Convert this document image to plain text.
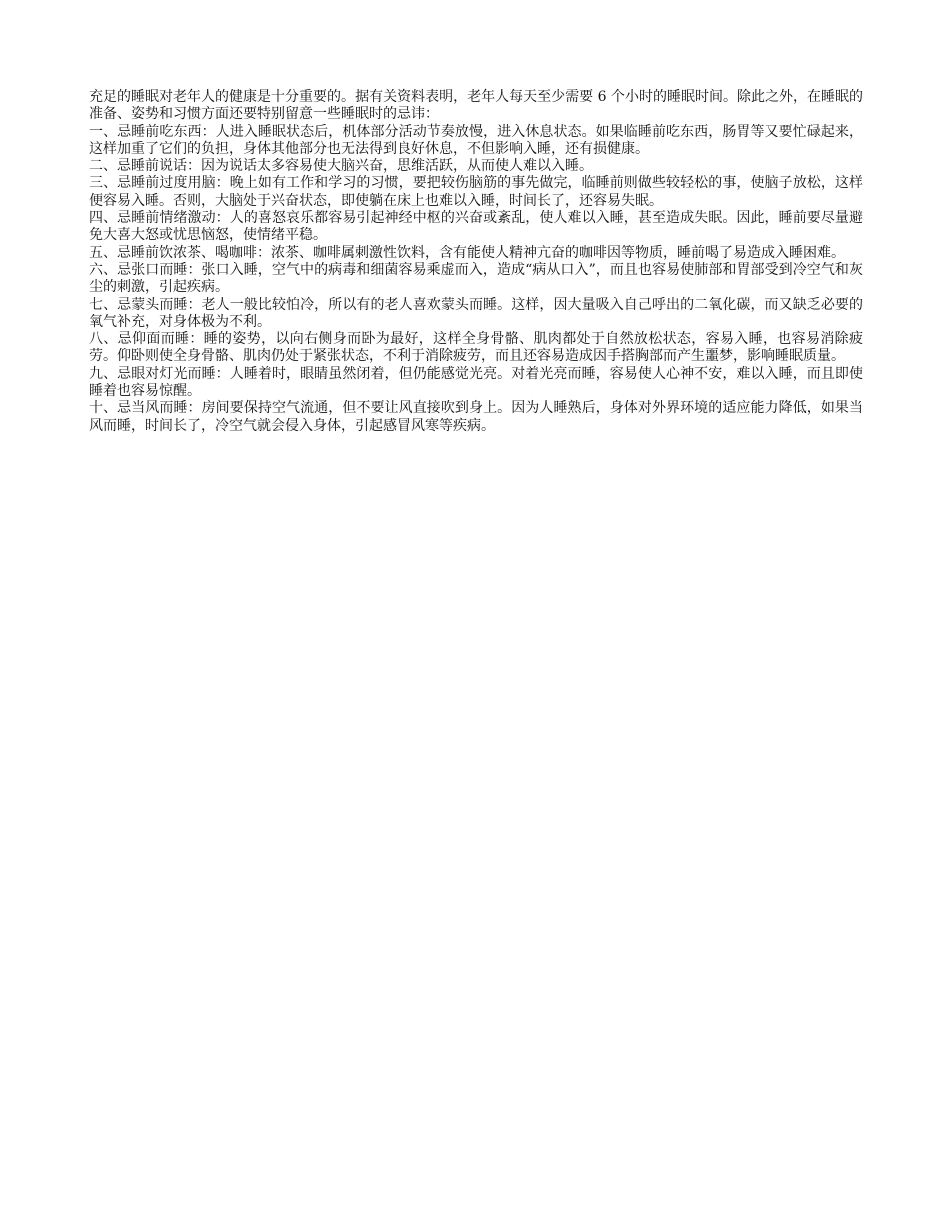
充足的睡眠对老年人的健康是十分重要的。据有关资料表明，老年人每天至少需要 6 个小时的睡眠时间。除此之外，在睡眠的准备、姿势和习惯方面还要特别留意一些睡眠时的忌讳：

一、忌睡前吃东西：人进入睡眠状态后，机体部分活动节奏放慢，进入休息状态。如果临睡前吃东西，肠胃等又要忙碌起来，这样加重了它们的负担，身体其他部分也无法得到良好休息，不但影响入睡，还有损健康。

二、忌睡前说话：因为说话太多容易使大脑兴奋，思维活跃，从而使人难以入睡。

三、忌睡前过度用脑：晚上如有工作和学习的习惯，要把较伤脑筋的事先做完，临睡前则做些较轻松的事，使脑子放松，这样便容易入睡。否则，大脑处于兴奋状态，即使躺在床上也难以入睡，时间长了，还容易失眠。

四、忌睡前情绪激动：人的喜怒哀乐都容易引起神经中枢的兴奋或紊乱，使人难以入睡，甚至造成失眠。因此，睡前要尽量避免大喜大怒或忧思恼怒，使情绪平稳。

五、忌睡前饮浓茶、喝咖啡：浓茶、咖啡属刺激性饮料，含有能使人精神亢奋的咖啡因等物质，睡前喝了易造成入睡困难。

六、忌张口而睡：张口入睡，空气中的病毒和细菌容易乘虚而入，造成“病从口入”，而且也容易使肺部和胃部受到冷空气和灰尘的刺激，引起疾病。

七、忌蒙头而睡：老人一般比较怕冷，所以有的老人喜欢蒙头而睡。这样，因大量吸入自己呼出的二氧化碳，而又缺乏必要的氧气补充，对身体极为不利。

八、忌仰面而睡：睡的姿势，以向右侧身而卧为最好，这样全身骨骼、肌肉都处于自然放松状态，容易入睡，也容易消除疲劳。仰卧则使全身骨骼、肌肉仍处于紧张状态，不利于消除疲劳，而且还容易造成因手搭胸部而产生噩梦，影响睡眠质量。

九、忌眼对灯光而睡：人睡着时，眼睛虽然闭着，但仍能感觉光亮。对着光亮而睡，容易使人心神不安，难以入睡，而且即使睡着也容易惊醒。

十、忌当风而睡：房间要保持空气流通，但不要让风直接吹到身上。因为人睡熟后，身体对外界环境的适应能力降低，如果当风而睡，时间长了，冷空气就会侵入身体，引起感冒风寒等疾病。
